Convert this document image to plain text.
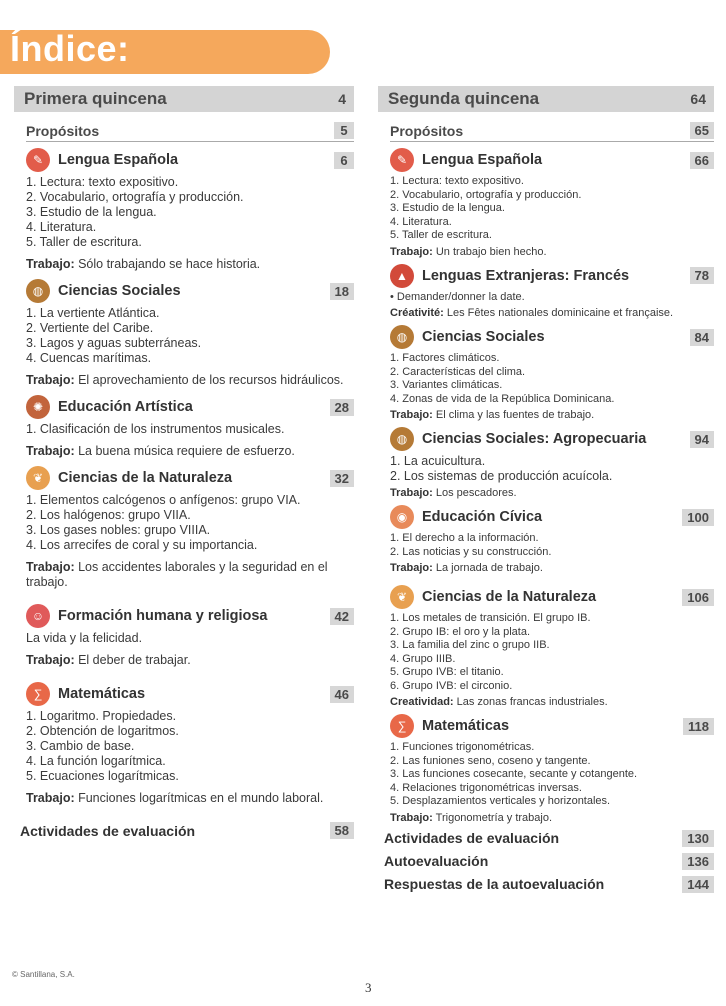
Índice:
Primera quincena	4
Propósitos	5
✎	Lengua Española	6
1. Lectura: texto expositivo.
2. Vocabulario, ortografía y producción.
3. Estudio de la lengua.
4. Literatura.
5. Taller de escritura.

Trabajo: Sólo trabajando se hace historia.

◍	Ciencias Sociales	18
1. La vertiente Atlántica.
2. Vertiente del Caribe.
3. Lagos y aguas subterráneas.
4. Cuencas marítimas.

Trabajo: El aprovechamiento de los recursos hidráulicos.

✺	Educación Artística	28
1. Clasificación de los instrumentos musicales.

Trabajo: La buena música requiere de esfuerzo.

❦	Ciencias de la Naturaleza	32
1. Elementos calcógenos o anfígenos: grupo VIA.
2. Los halógenos: grupo VIIA.
3. Los gases nobles: grupo VIIIA.
4. Los arrecifes de coral y su importancia.

Trabajo: Los accidentes laborales y la seguridad en el trabajo.

☺ Formación humana y religiosa	42

La vida y la felicidad.

Trabajo: El deber de trabajar.

∑	Matemáticas	46
1. Logaritmo. Propiedades.
2. Obtención de logaritmos.
3. Cambio de base.
4. La función logarítmica.
5. Ecuaciones logarítmicas.

Trabajo: Funciones logarítmicas en el mundo laboral.

Actividades de evaluación	58
Segunda quincena	64
Propósitos	65
✎	Lengua Española	66
1. Lectura: texto expositivo.
2. Vocabulario, ortografía y producción.
3. Estudio de la lengua.
4. Literatura.
5. Taller de escritura.

Trabajo: Un trabajo bien hecho.

▲ Lenguas Extranjeras: Francés	78
• Demander/donner la date.

Créativité: Les Fêtes nationales dominicaine et française.

◍	Ciencias Sociales	84
1. Factores climáticos.
2. Características del clima.
3. Variantes climáticas.
4. Zonas de vida de la República Dominicana.

Trabajo: El clima y las fuentes de trabajo.

◍	Ciencias Sociales: Agropecuaria	94
1. La acuicultura.
2. Los sistemas de producción acuícola.

Trabajo: Los pescadores.

◉	Educación Cívica	100
1. El derecho a la información.
2. Las noticias y su construcción.

Trabajo: La jornada de trabajo.

❦	Ciencias de la Naturaleza	106
1. Los metales de transición. El grupo IB.
2. Grupo IB: el oro y la plata.
3. La familia del zinc o grupo IIB.
4. Grupo IIIB.
5. Grupo IVB: el titanio.
6. Grupo IVB: el circonio.

Creatividad: Las zonas francas industriales.

∑	Matemáticas	118
1. Funciones trigonométricas.
2. Las funiones seno, coseno y tangente.
3. Las funciones cosecante, secante y cotangente.
4. Relaciones trigonométricas inversas.
5. Desplazamientos verticales y horizontales.

Trabajo: Trigonometría y trabajo.

Actividades de evaluación	130
Autoevaluación	136
Respuestas de la autoevaluación	144
© Santillana, S.A.
3
